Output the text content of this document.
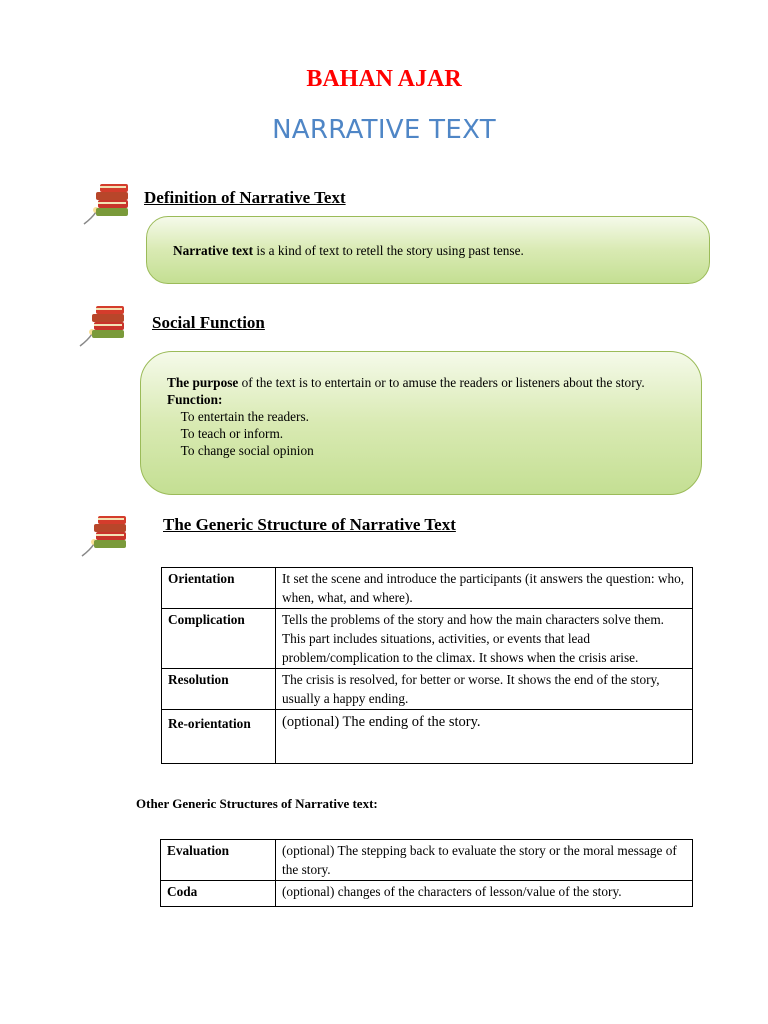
BAHAN AJAR
NARRATIVE TEXT
Definition of Narrative Text
Narrative text is a kind of text to retell the story using past tense.
Social Function
The purpose of the text is to entertain or to amuse the readers or listeners about the story.
Function:
To entertain the readers.
To teach or inform.
To change social opinion
The Generic Structure of Narrative Text
Orientation	It set the scene and introduce the participants (it answers the question: who, when, what, and where).
Complication	Tells the problems of the story and how the main characters solve them.
This part includes situations, activities, or events that lead problem/complication to the climax. It shows when the crisis arise.

Resolution	The crisis is resolved, for better or worse. It shows the end of the story, usually a happy ending.
Re-orientation	(optional) The ending of the story.
Other Generic Structures of Narrative text:
Evaluation	(optional) The stepping back to evaluate the story or the moral message of the story.
Coda	(optional) changes of the characters of lesson/value of the story.
